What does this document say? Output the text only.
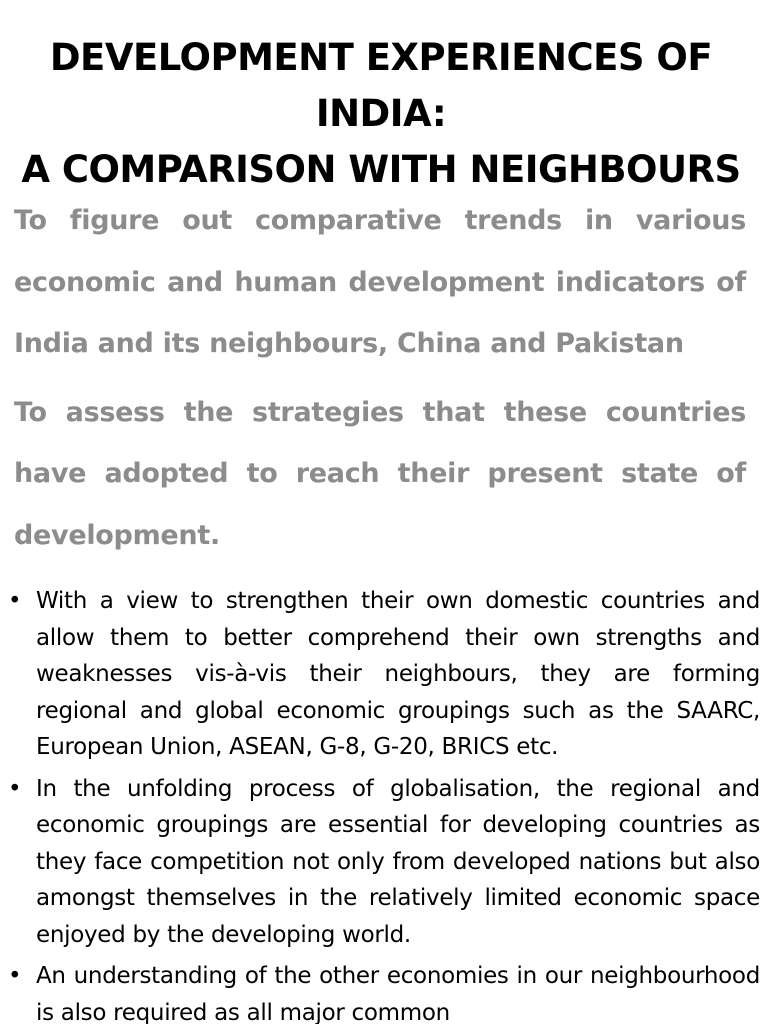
DEVELOPMENT EXPERIENCES OF
INDIA:
A COMPARISON WITH NEIGHBOURS

To figure out comparative trends in various economic and human development indicators of India and its neighbours, China and Pakistan

To assess the strategies that these countries have adopted to reach their present state of development.

• With a view to strengthen their own domestic countries and allow them to better comprehend their own strengths and weaknesses vis-à-vis their neighbours, they are forming regional and global economic groupings such as the SAARC, European Union, ASEAN, G-8, G-20, BRICS etc.
• In the unfolding process of globalisation, the regional and economic groupings are essential for developing countries as they face competition not only from developed nations but also amongst themselves in the relatively limited economic space enjoyed by the developing world.
• An understanding of the other economies in our neighbourhood is also required as all major common
